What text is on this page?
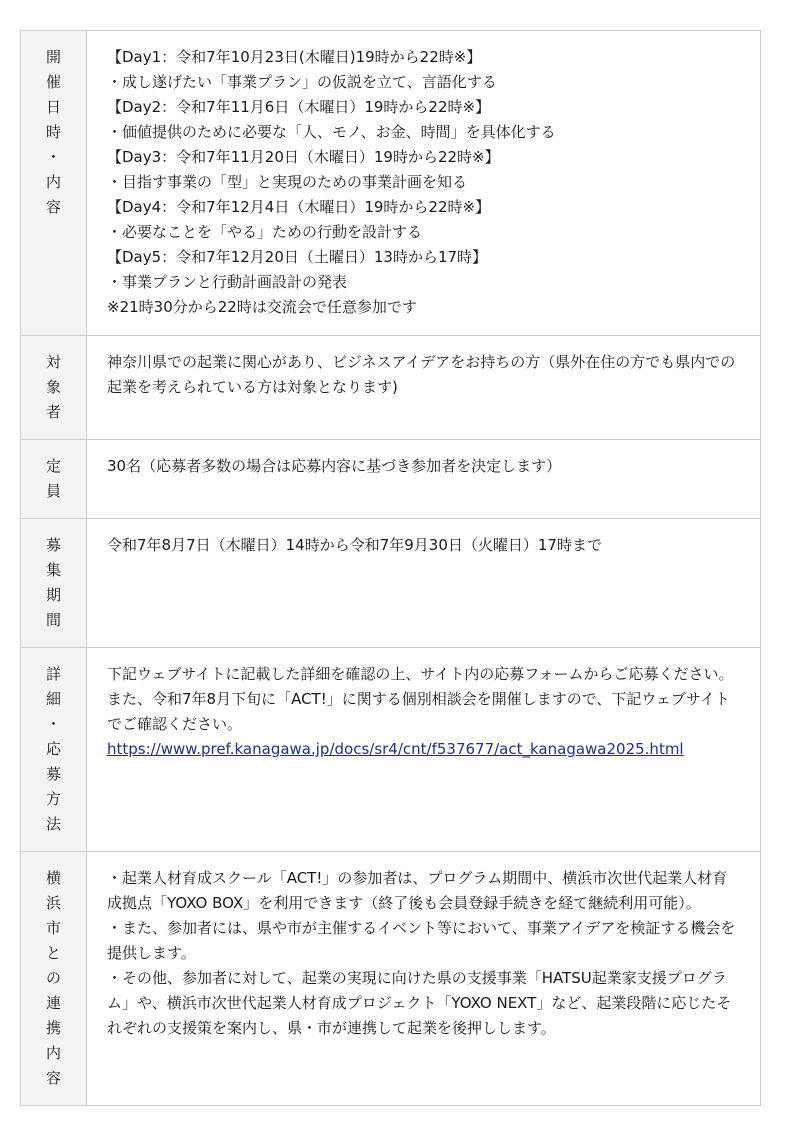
開
催
日
時
・
内
容

【Day1：令和7年10月23日(木曜日)19時から22時※】

・成し遂げたい「事業プラン」の仮説を立て、言語化する

【Day2：令和7年11月6日（木曜日）19時から22時※】

・価値提供のために必要な「人、モノ、お金、時間」を具体化する

【Day3：令和7年11月20日（木曜日）19時から22時※】

・目指す事業の「型」と実現のための事業計画を知る

【Day4：令和7年12月4日（木曜日）19時から22時※】

・必要なことを「やる」ための行動を設計する

【Day5：令和7年12月20日（土曜日）13時から17時】

・事業プランと行動計画設計の発表

※21時30分から22時は交流会で任意参加です

対
象
者

神奈川県での起業に関心があり、ビジネスアイデアをお持ちの方（県外在住の方でも県内での起業を考えられている方は対象となります)

定
員

30名（応募者多数の場合は応募内容に基づき参加者を決定します）

募
集
期
間

令和7年8月7日（木曜日）14時から令和7年9月30日（火曜日）17時まで

詳
細
・
応
募
方
法

下記ウェブサイトに記載した詳細を確認の上、サイト内の応募フォームからご応募ください。

また、令和7年8月下旬に「ACT!」に関する個別相談会を開催しますので、下記ウェブサイトでご確認ください。

https://www.pref.kanagawa.jp/docs/sr4/cnt/f537677/act_kanagawa2025.html

横
浜
市
と
の
連
携
内
容

・起業人材育成スクール「ACT!」の参加者は、プログラム期間中、横浜市次世代起業人材育成拠点「YOXO BOX」を利用できます（終了後も会員登録手続きを経て継続利用可能）。

・また、参加者には、県や市が主催するイベント等において、事業アイデアを検証する機会を提供します。

・その他、参加者に対して、起業の実現に向けた県の支援事業「HATSU起業家支援プログラム」や、横浜市次世代起業人材育成プロジェクト「YOXO NEXT」など、起業段階に応じたそれぞれの支援策を案内し、県・市が連携して起業を後押しします。
